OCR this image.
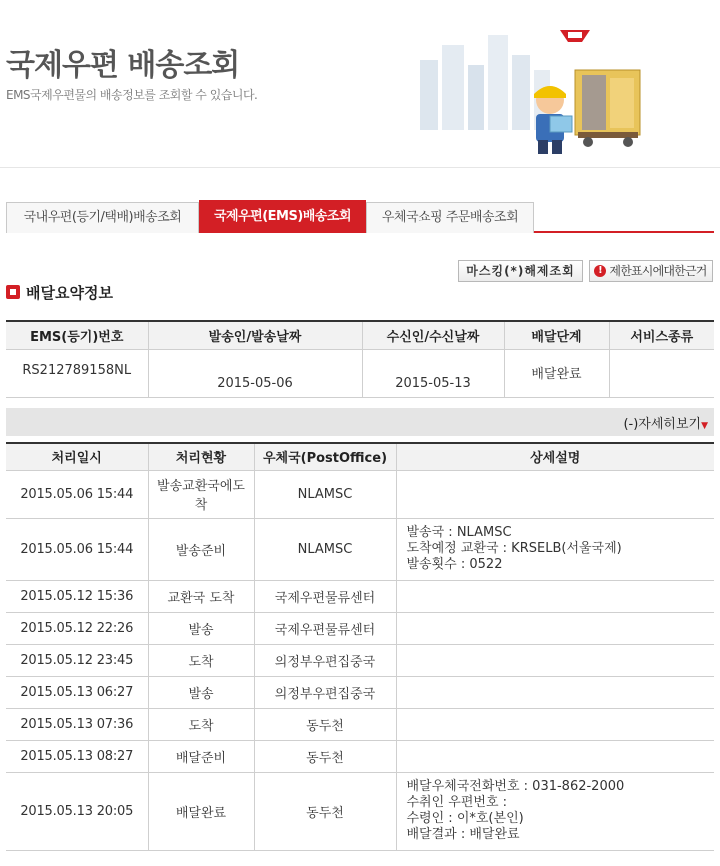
국제우편 배송조회
EMS국제우편물의 배송정보를 조회할 수 있습니다.
국내우편(등기/택배)배송조회	국제우편(EMS)배송조회	우체국쇼핑 주문배송조회
마스킹(*)해제조회	! 제한표시에대한근거
배달요약정보
EMS(등기)번호	발송인/발송날짜	수신인/수신날짜	배달단계	서비스종류
RS212789158NL	2015-05-06	2015-05-13	배달완료	
(-)자세히보기▼
처리일시	처리현황	우체국(PostOffice)	상세설명
2015.05.06 15:44	발송교환국에도착	NLAMSC	
2015.05.06 15:44	발송준비	NLAMSC	발송국 : NLAMSC
도착예정 교환국 : KRSELB(서울국제)
발송횟수 : 0522

2015.05.12 15:36	교환국 도착	국제우편물류센터	
2015.05.12 22:26	발송	국제우편물류센터	
2015.05.12 23:45	도착	의정부우편집중국	
2015.05.13 06:27	발송	의정부우편집중국	
2015.05.13 07:36	도착	동두천	
2015.05.13 08:27	배달준비	동두천	
2015.05.13 20:05	배달완료	동두천	배달우체국전화번호 : 031-862-2000
수취인 우편번호 :
수령인 : 이*호(본인)
배달결과 : 배달완료
